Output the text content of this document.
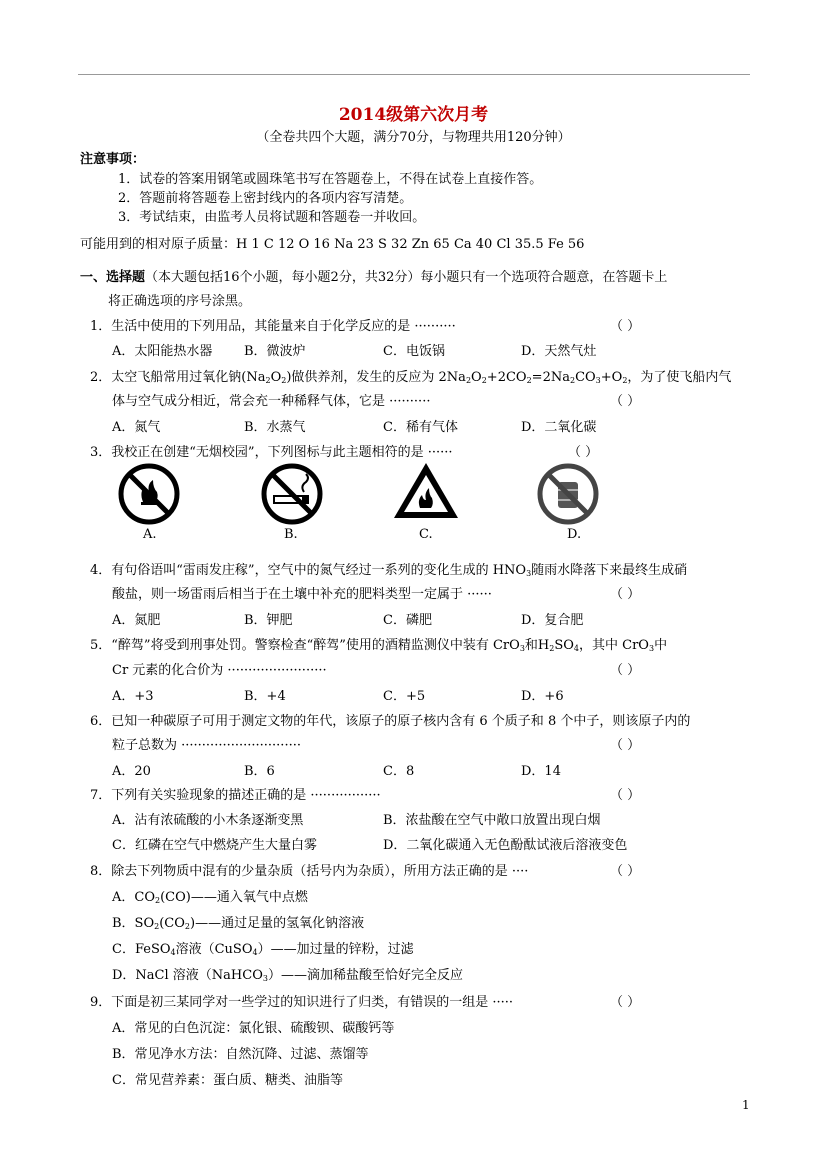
2014级第六次月考
（全卷共四个大题，满分70分，与物理共用120分钟）
注意事项：
1．试卷的答案用钢笔或圆珠笔书写在答题卷上，不得在试卷上直接作答。
2．答题前将答题卷上密封线内的各项内容写清楚。
3．考试结束，由监考人员将试题和答题卷一并收回。
可能用到的相对原子质量：H 1 C 12 O 16 Na 23 S 32 Zn 65 Ca 40 Cl 35.5 Fe 56
一、选择题（本大题包括16个小题，每小题2分，共32分）每小题只有一个选项符合题意，在答题卡上
将正确选项的序号涂黑。
1．生活中使用的下列用品，其能量来自于化学反应的是 ··········	（ ）
A．太阳能热水器 B．微波炉	C．电饭锅	D．天然气灶
2．太空飞船常用过氧化钠$(Na_2O_2)$做供养剂，发生的反应为 $2Na_2O_2+2CO_2=2Na_2CO_3+O_2$，为了使飞船内气
体与空气成分相近，常会充一种稀释气体，它是 ··········	（ ）
A．氮气	B．水蒸气	C．稀有气体	D．二氧化碳
3．我校正在创建“无烟校园”，下列图标与此主题相符的是 ······	（ ）
A.	B.	C.	D.
4．有句俗语叫“雷雨发庄稼”，空气中的氮气经过一系列的变化生成的 $HNO_3$随雨水降落下来最终生成硝
酸盐，则一场雷雨后相当于在土壤中补充的肥料类型一定属于 ······	（ ）
A．氮肥	B．钾肥	C．磷肥	D．复合肥
5．“醉驾”将受到刑事处罚。警察检查“醉驾”使用的酒精监测仪中装有 CrO$_3$和$H_2SO_4$，其中 CrO$_3$中
Cr 元素的化合价为 ························	（ ）
A．+3	B．+4	C．+5	D．+6
6．已知一种碳原子可用于测定文物的年代，该原子的原子核内含有 6 个质子和 8 个中子，则该原子内的
粒子总数为 ·····························	（ ）
A．20	B．6	C．8	D．14
7．下列有关实验现象的描述正确的是 ·················	（ ）
A．沾有浓硫酸的小木条逐渐变黑	B．浓盐酸在空气中敞口放置出现白烟
C．红磷在空气中燃烧产生大量白雾	D．二氧化碳通入无色酚酞试液后溶液变色
8．除去下列物质中混有的少量杂质（括号内为杂质），所用方法正确的是 ····	（ ）
A．$CO_2(CO)——$通入氧气中点燃
B．$SO_2(CO_2)——$通过足量的氢氧化钠溶液
C．FeSO$_4$溶液（CuSO$_4$）——加过量的锌粉，过滤
D．NaCl 溶液（NaHCO$_3$）——滴加稀盐酸至恰好完全反应
9．下面是初三某同学对一些学过的知识进行了归类，有错误的一组是 ·····	（ ）
A．常见的白色沉淀：氯化银、硫酸钡、碳酸钙等
B．常见净水方法：自然沉降、过滤、蒸馏等
C．常见营养素：蛋白质、糖类、油脂等
1
